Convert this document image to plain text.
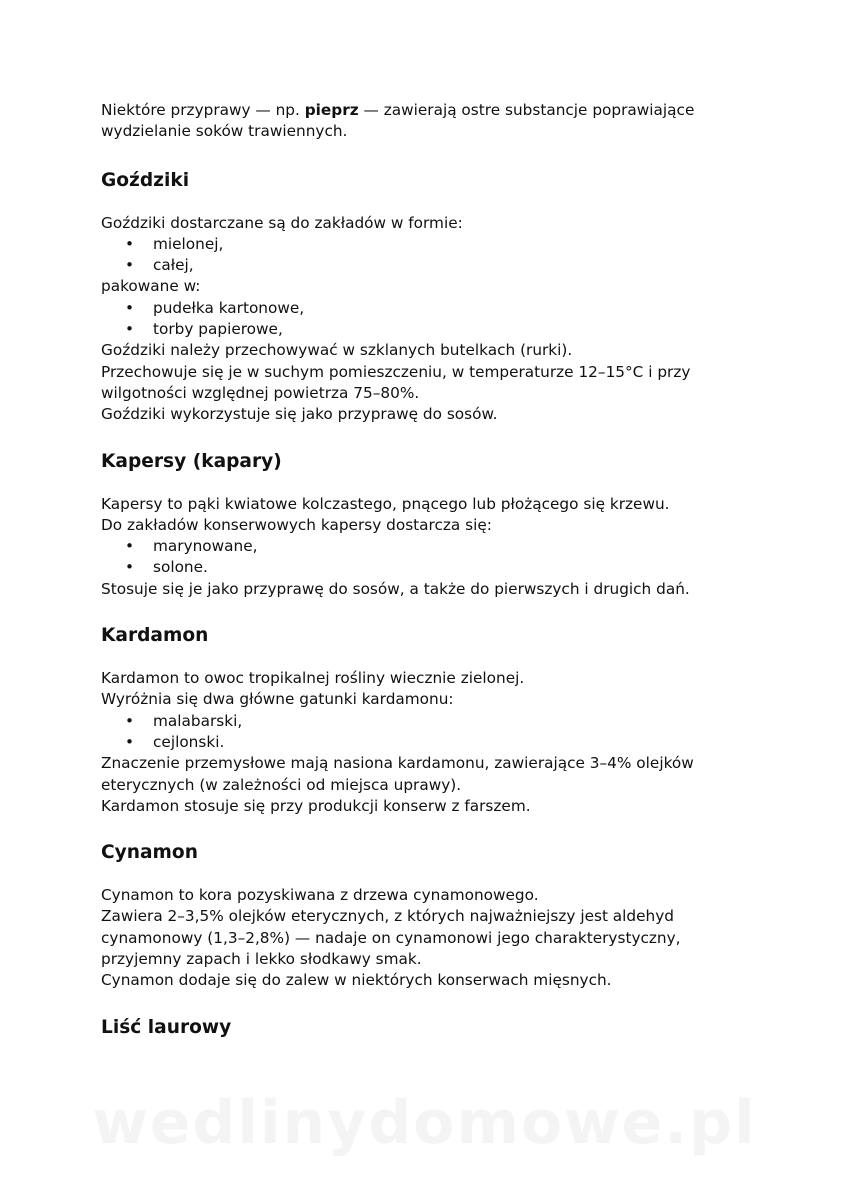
Niektóre przyprawy — np. pieprz — zawierają ostre substancje poprawiające wydzielanie soków trawiennych.

Goździki

Goździki dostarczane są do zakładów w formie:

• mielonej,
• całej,

pakowane w:

• pudełka kartonowe,
• torby papierowe,

Goździki należy przechowywać w szklanych butelkach (rurki).

Przechowuje się je w suchym pomieszczeniu, w temperaturze 12–15°C i przy wilgotności względnej powietrza 75–80%.

Goździki wykorzystuje się jako przyprawę do sosów.

Kapersy (kapary)

Kapersy to pąki kwiatowe kolczastego, pnącego lub płożącego się krzewu.

Do zakładów konserwowych kapersy dostarcza się:

• marynowane,
• solone.

Stosuje się je jako przyprawę do sosów, a także do pierwszych i drugich dań.

Kardamon

Kardamon to owoc tropikalnej rośliny wiecznie zielonej.

Wyróżnia się dwa główne gatunki kardamonu:

• malabarski,
• cejlonski.

Znaczenie przemysłowe mają nasiona kardamonu, zawierające 3–4% olejków eterycznych (w zależności od miejsca uprawy).

Kardamon stosuje się przy produkcji konserw z farszem.

Cynamon

Cynamon to kora pozyskiwana z drzewa cynamonowego.

Zawiera 2–3,5% olejków eterycznych, z których najważniejszy jest aldehyd cynamonowy (1,3–2,8%) — nadaje on cynamonowi jego charakterystyczny, przyjemny zapach i lekko słodkawy smak.

Cynamon dodaje się do zalew w niektórych konserwach mięsnych.

Liść laurowy
wedlinydomowe.pl
